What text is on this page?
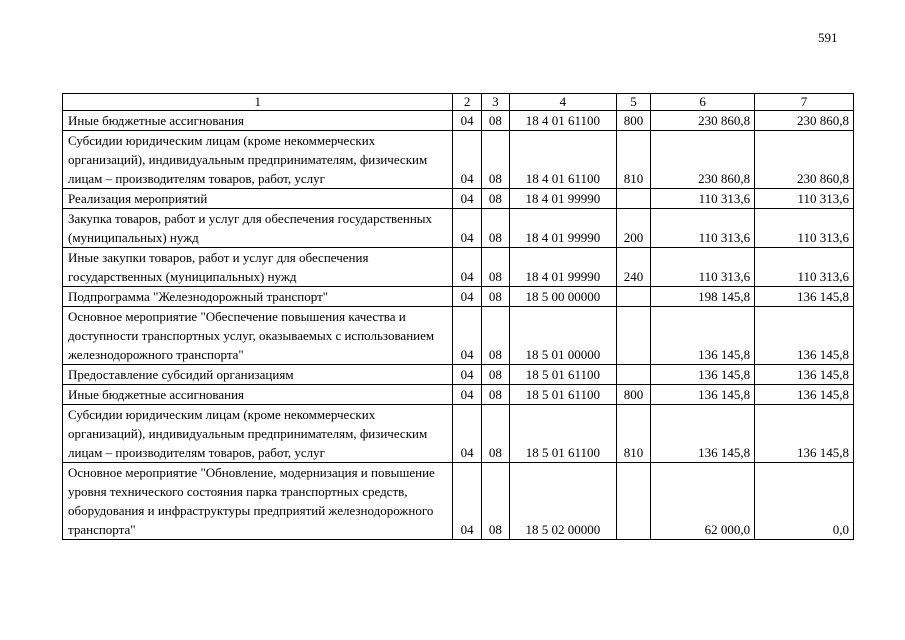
591
1	2	3	4	5	6	7
Иные бюджетные ассигнования	04	08	18 4 01 61100	800	230 860,8	230 860,8
Субсидии юридическим лицам (кроме некоммерческих организаций), индивидуальным предпринимателям, физическим лицам – производителям товаров, работ, услуг	04	08	18 4 01 61100	810	230 860,8	230 860,8
Реализация мероприятий	04	08	18 4 01 99990		110 313,6	110 313,6
Закупка товаров, работ и услуг для обеспечения государственных (муниципальных) нужд	04	08	18 4 01 99990	200	110 313,6	110 313,6
Иные закупки товаров, работ и услуг для обеспечения государственных (муниципальных) нужд	04	08	18 4 01 99990	240	110 313,6	110 313,6
Подпрограмма "Железнодорожный транспорт"	04	08	18 5 00 00000		198 145,8	136 145,8
Основное мероприятие "Обеспечение повышения качества и доступности транспортных услуг, оказываемых с использованием железнодорожного транспорта"	04	08	18 5 01 00000		136 145,8	136 145,8
Предоставление субсидий организациям	04	08	18 5 01 61100		136 145,8	136 145,8
Иные бюджетные ассигнования	04	08	18 5 01 61100	800	136 145,8	136 145,8
Субсидии юридическим лицам (кроме некоммерческих организаций), индивидуальным предпринимателям, физическим лицам – производителям товаров, работ, услуг	04	08	18 5 01 61100	810	136 145,8	136 145,8
Основное мероприятие "Обновление, модернизация и повышение уровня технического состояния парка транспортных средств, оборудования и инфраструктуры предприятий железнодорожного транспорта"	04	08	18 5 02 00000		62 000,0	0,0
